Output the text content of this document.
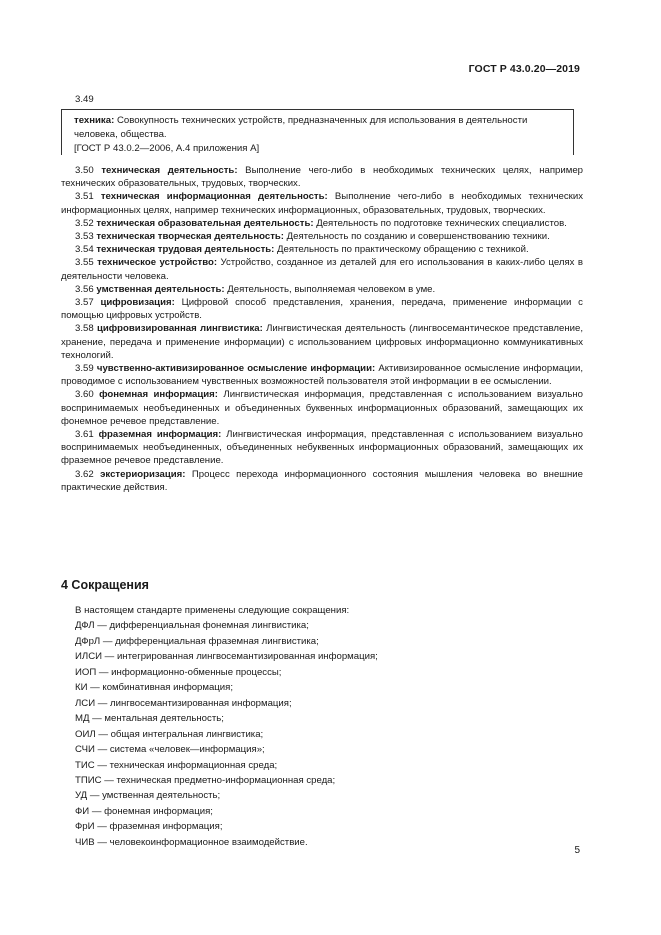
ГОСТ Р 43.0.20—2019
3.49
техника: Совокупность технических устройств, предназначенных для использования в деятельности человека, общества.
[ГОСТ Р 43.0.2—2006, А.4 приложения А]

3.50 техническая деятельность: Выполнение чего-либо в необходимых технических целях, например технических образовательных, трудовых, творческих.

3.51 техническая информационная деятельность: Выполнение чего-либо в необходимых технических информационных целях, например технических информационных, образовательных, трудовых, творческих.

3.52 техническая образовательная деятельность: Деятельность по подготовке технических специалистов.

3.53 техническая творческая деятельность: Деятельность по созданию и совершенствованию техники.

3.54 техническая трудовая деятельность: Деятельность по практическому обращению с техникой.

3.55 техническое устройство: Устройство, созданное из деталей для его использования в каких-либо целях в деятельности человека.

3.56 умственная деятельность: Деятельность, выполняемая человеком в уме.

3.57 цифровизация: Цифровой способ представления, хранения, передача, применение информации с помощью цифровых устройств.

3.58 цифровизированная лингвистика: Лингвистическая деятельность (лингвосемантическое представление, хранение, передача и применение информации) с использованием цифровых информационно коммуникативных технологий.

3.59 чувственно-активизированное осмысление информации: Активизированное осмысление информации, проводимое с использованием чувственных возможностей пользователя этой информации в ее осмыслении.

3.60 фонемная информация: Лингвистическая информация, представленная с использованием визуально воспринимаемых необъединенных и объединенных буквенных информационных образований, замещающих их фонемное речевое представление.

3.61 фраземная информация: Лингвистическая информация, представленная с использованием визуально воспринимаемых необъединенных, объединенных небуквенных информационных образований, замещающих их фраземное речевое представление.

3.62 экстериоризация: Процесс перехода информационного состояния мышления человека во внешние практические действия.

4 Сокращения
В настоящем стандарте применены следующие сокращения:
ДФЛ — дифференциальная фонемная лингвистика;
ДФрЛ — дифференциальная фраземная лингвистика;
ИЛСИ — интегрированная лингвосемантизированная информация;
ИОП — информационно-обменные процессы;
КИ — комбинативная информация;
ЛСИ — лингвосемантизированная информация;
МД — ментальная деятельность;
ОИЛ — общая интегральная лингвистика;
СЧИ — система «человек—информация»;
ТИС — техническая информационная среда;
ТПИС — техническая предметно-информационная среда;
УД — умственная деятельность;
ФИ — фонемная информация;
ФрИ — фраземная информация;
ЧИВ — человекоинформационное взаимодействие.
5
